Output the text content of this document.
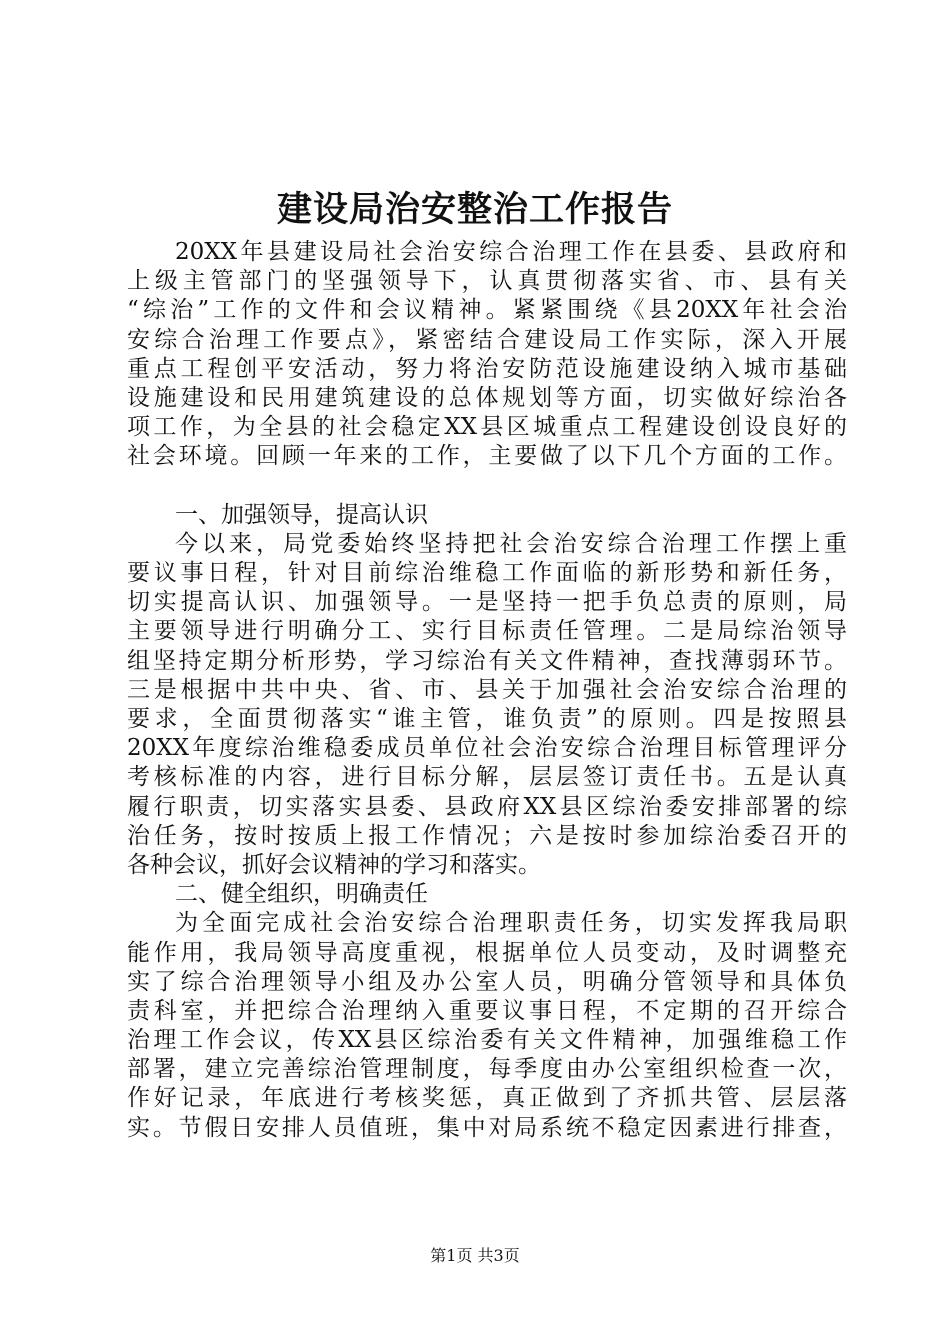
建设局治安整治工作报告
20XX年县建设局社会治安综合治理工作在县委、县政府和
上级主管部门的坚强领导下，认真贯彻落实省、市、县有关
“综治”工作的文件和会议精神。紧紧围绕《县20XX年社会治
安综合治理工作要点》，紧密结合建设局工作实际，深入开展
重点工程创平安活动，努力将治安防范设施建设纳入城市基础
设施建设和民用建筑建设的总体规划等方面，切实做好综治各
项工作，为全县的社会稳定XX县区城重点工程建设创设良好的
社会环境。回顾一年来的工作，主要做了以下几个方面的工作。
一、加强领导，提高认识
今以来，局党委始终坚持把社会治安综合治理工作摆上重
要议事日程，针对目前综治维稳工作面临的新形势和新任务，
切实提高认识、加强领导。一是坚持一把手负总责的原则，局
主要领导进行明确分工、实行目标责任管理。二是局综治领导
组坚持定期分析形势，学习综治有关文件精神，查找薄弱环节。
三是根据中共中央、省、市、县关于加强社会治安综合治理的
要求，全面贯彻落实“谁主管，谁负责”的原则。四是按照县
20XX年度综治维稳委成员单位社会治安综合治理目标管理评分
考核标准的内容，进行目标分解，层层签订责任书。五是认真
履行职责，切实落实县委、县政府XX县区综治委安排部署的综
治任务，按时按质上报工作情况；六是按时参加综治委召开的
各种会议，抓好会议精神的学习和落实。
二、健全组织，明确责任
为全面完成社会治安综合治理职责任务，切实发挥我局职
能作用，我局领导高度重视，根据单位人员变动，及时调整充
实了综合治理领导小组及办公室人员，明确分管领导和具体负
责科室，并把综合治理纳入重要议事日程，不定期的召开综合
治理工作会议，传XX县区综治委有关文件精神，加强维稳工作
部署，建立完善综治管理制度，每季度由办公室组织检查一次，
作好记录，年底进行考核奖惩，真正做到了齐抓共管、层层落
实。节假日安排人员值班，集中对局系统不稳定因素进行排查，
第1页 共3页
